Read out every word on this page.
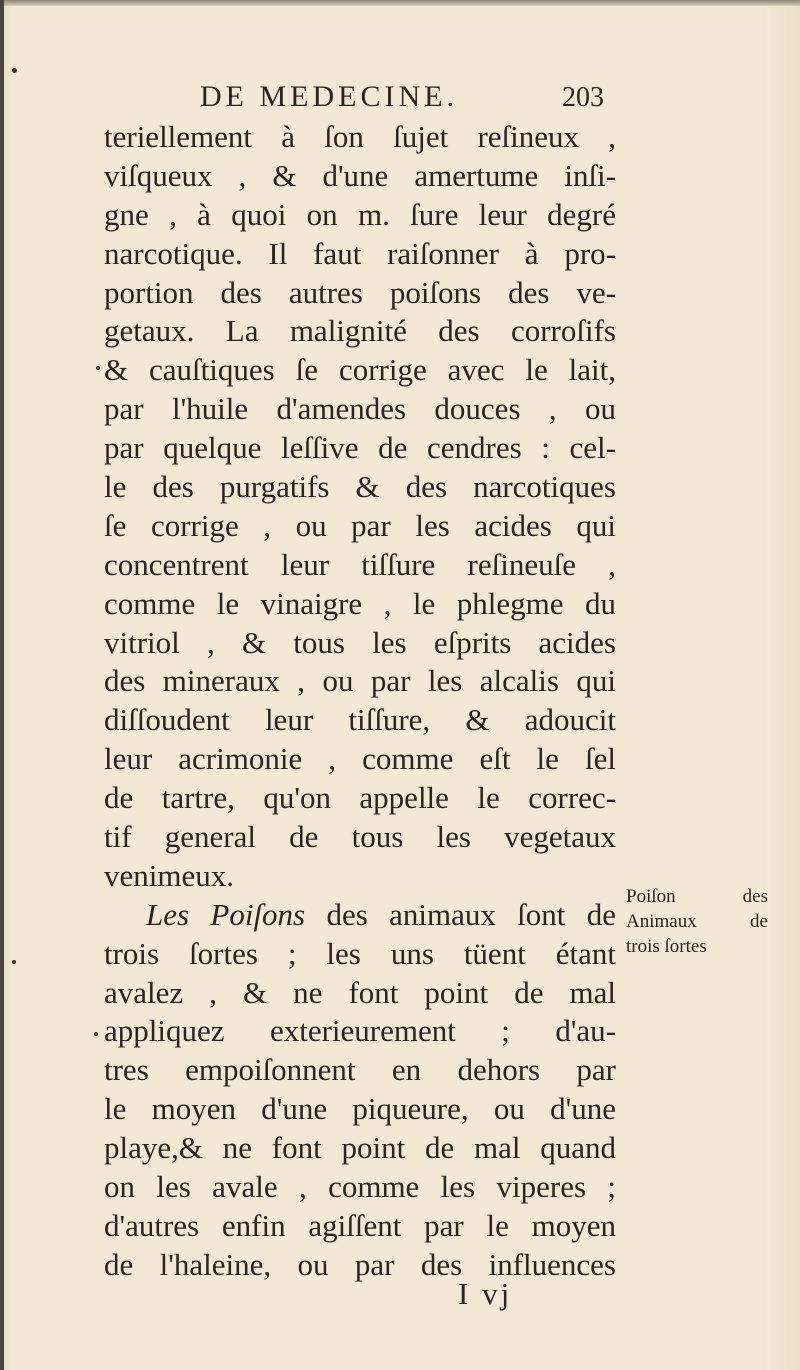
DE MEDECINE.	203
teriellement à ſon ſujet reſineux ,
viſqueux , & d'une amertume inſi-
gne , à quoi on m. ſure leur degré
narcotique. Il faut raiſonner à pro-
portion des autres poiſons des ve-
getaux. La malignité des corroſifs
& cauſtiques ſe corrige avec le lait,
par l'huile d'amendes douces , ou
par quelque leſſive de cendres : cel-
le des purgatifs & des narcotiques
ſe corrige , ou par les acides qui
concentrent leur tiſſure reſineuſe ,
comme le vinaigre , le phlegme du
vitriol , & tous les eſprits acides
des mineraux , ou par les alcalis qui
diſſoudent leur tiſſure, & adoucit
leur acrimonie , comme eſt le ſel
de tartre, qu'on appelle le correc-
tif general de tous les vegetaux
venimeux.
Les Poiſons des animaux ſont de
trois ſortes ; les uns tüent étant
avalez , & ne font point de mal
appliquez exterieurement ; d'au-
tres empoiſonnent en dehors par
le moyen d'une piqueure, ou d'une
playe,& ne font point de mal quand
on les avale , comme les viperes ;
d'autres enfin agiſſent par le moyen
de l'haleine, ou par des influences
Poiſon des
Animaux de
trois ſortes
I vj
